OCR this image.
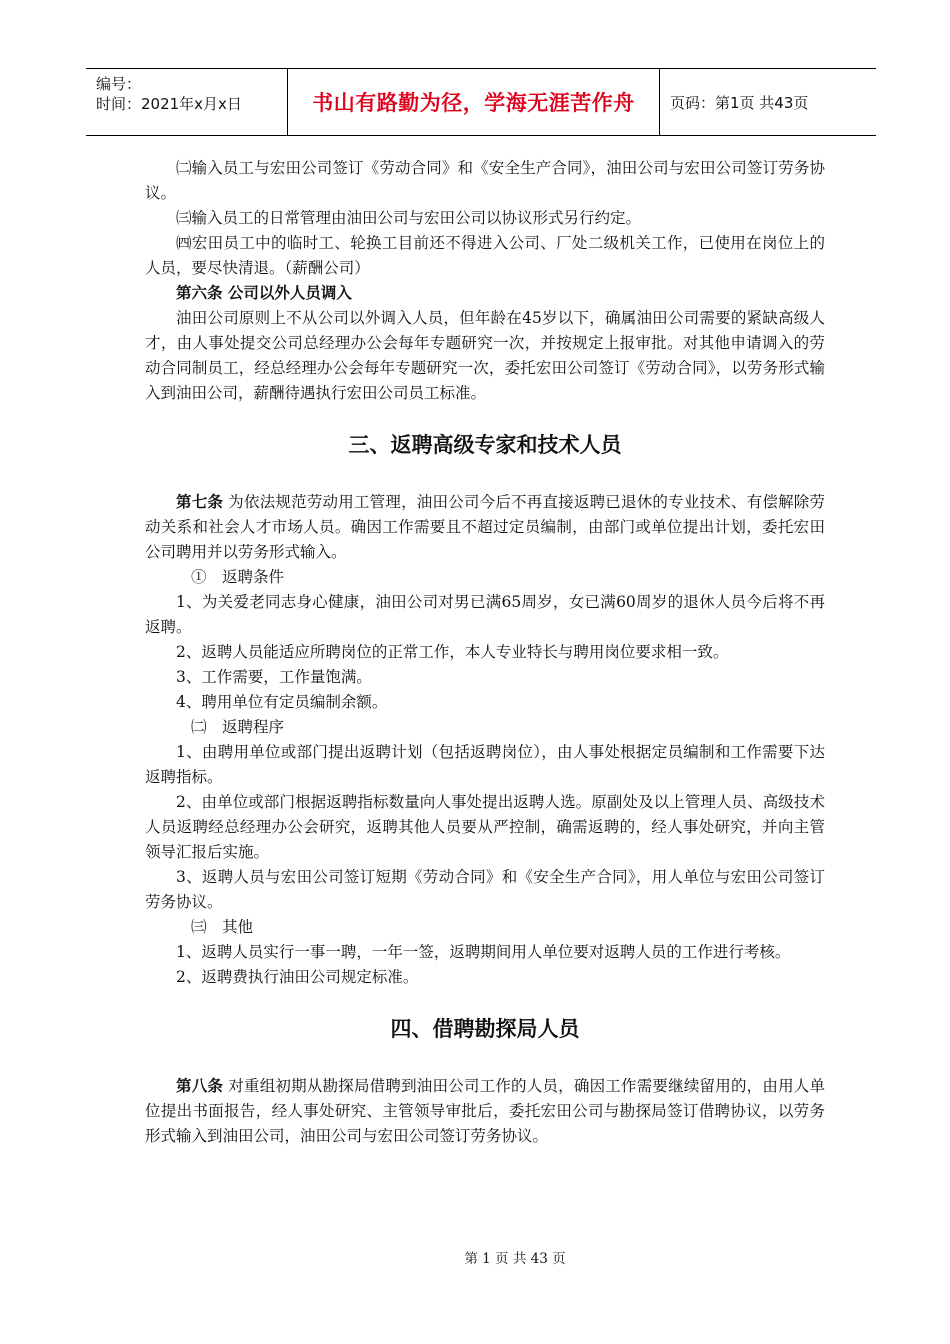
编号：
时间：2021年x月x日	书山有路勤为径，学海无涯苦作舟 页码：第1页 共43页

㈡输入员工与宏田公司签订《劳动合同》和《安全生产合同》，油田公司与宏田公司签订劳务协议。

㈢输入员工的日常管理由油田公司与宏田公司以协议形式另行约定。

㈣宏田员工中的临时工、轮换工目前还不得进入公司、厂处二级机关工作，已使用在岗位上的人员，要尽快清退。（薪酬公司）

第六条 公司以外人员调入

油田公司原则上不从公司以外调入人员，但年龄在45岁以下，确属油田公司需要的紧缺高级人才，由人事处提交公司总经理办公会每年专题研究一次，并按规定上报审批。对其他申请调入的劳动合同制员工，经总经理办公会每年专题研究一次，委托宏田公司签订《劳动合同》，以劳务形式输入到油田公司，薪酬待遇执行宏田公司员工标准。

三、返聘高级专家和技术人员

第七条 为依法规范劳动用工管理，油田公司今后不再直接返聘已退休的专业技术、有偿解除劳动关系和社会人才市场人员。确因工作需要且不超过定员编制，由部门或单位提出计划，委托宏田公司聘用并以劳务形式输入。

①　返聘条件

1、为关爱老同志身心健康，油田公司对男已满65周岁，女已满60周岁的退休人员今后将不再返聘。

2、返聘人员能适应所聘岗位的正常工作，本人专业特长与聘用岗位要求相一致。

3、工作需要，工作量饱满。

4、聘用单位有定员编制余额。

㈡　返聘程序

1、由聘用单位或部门提出返聘计划（包括返聘岗位），由人事处根据定员编制和工作需要下达返聘指标。

2、由单位或部门根据返聘指标数量向人事处提出返聘人选。原副处及以上管理人员、高级技术人员返聘经总经理办公会研究，返聘其他人员要从严控制，确需返聘的，经人事处研究，并向主管领导汇报后实施。

3、返聘人员与宏田公司签订短期《劳动合同》和《安全生产合同》，用人单位与宏田公司签订劳务协议。

㈢　其他

1、返聘人员实行一事一聘，一年一签，返聘期间用人单位要对返聘人员的工作进行考核。

2、返聘费执行油田公司规定标准。

四、借聘勘探局人员

第八条 对重组初期从勘探局借聘到油田公司工作的人员，确因工作需要继续留用的，由用人单位提出书面报告，经人事处研究、主管领导审批后，委托宏田公司与勘探局签订借聘协议，以劳务形式输入到油田公司，油田公司与宏田公司签订劳务协议。

第 1 页 共 43 页
